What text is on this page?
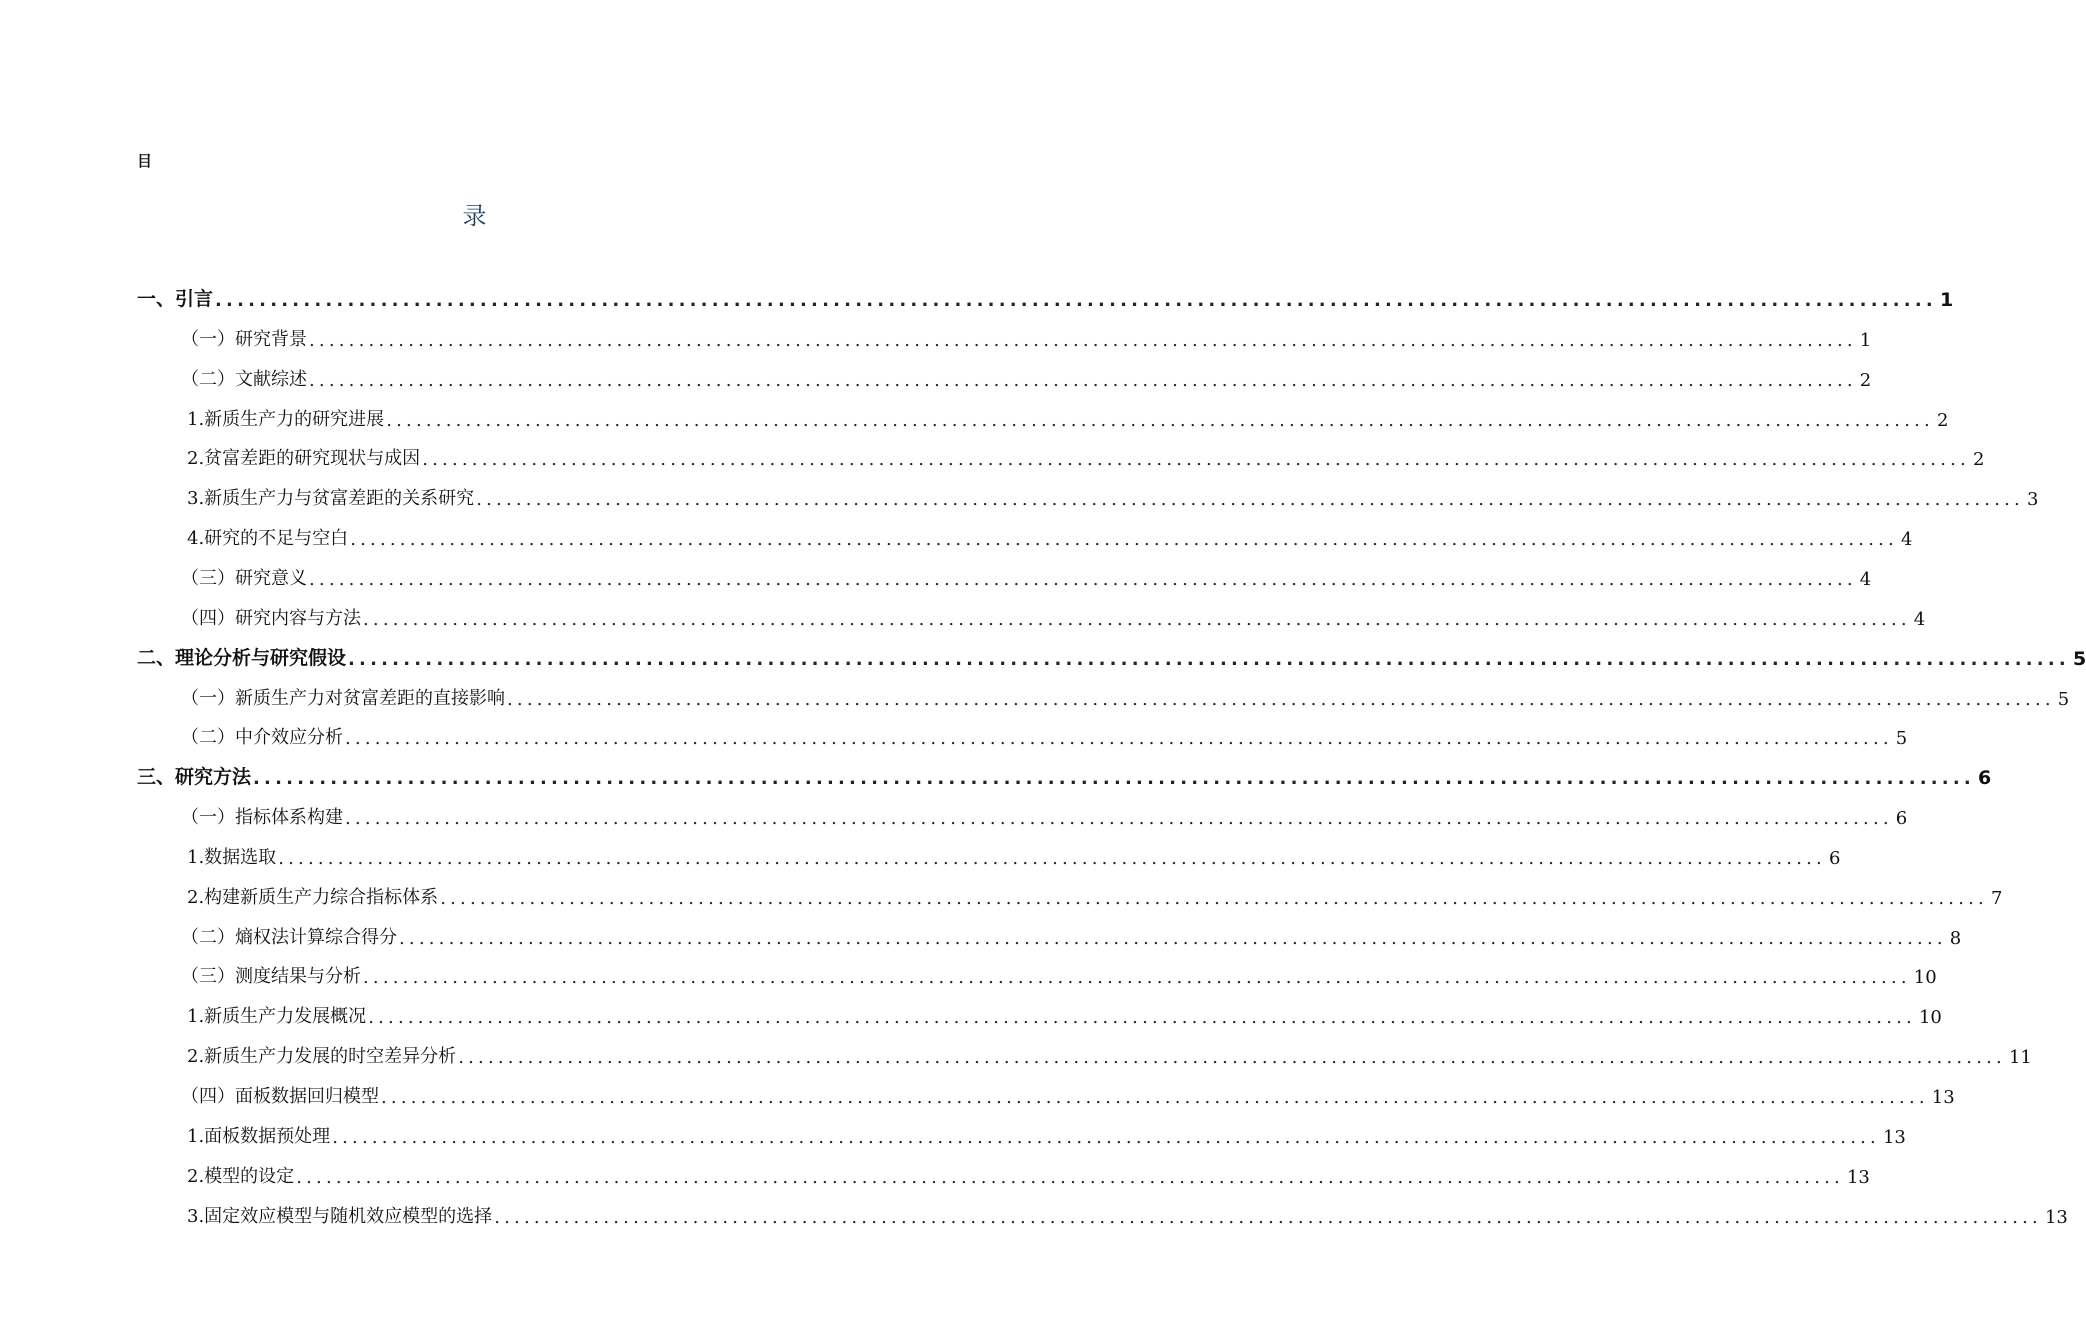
目
录
一、引言 ............................................................................................................................................................ 1
（一）研究背景 ............................................................................................................................................................ 1
（二）文献综述 ............................................................................................................................................................ 2
1.新质生产力的研究进展 ............................................................................................................................................................ 2
2.贫富差距的研究现状与成因 ............................................................................................................................................................ 2
3.新质生产力与贫富差距的关系研究 ............................................................................................................................................................ 3
4.研究的不足与空白 ............................................................................................................................................................ 4
（三）研究意义 ............................................................................................................................................................ 4
（四）研究内容与方法 ............................................................................................................................................................ 4
二、理论分析与研究假设 ............................................................................................................................................................ 5
（一）新质生产力对贫富差距的直接影响 ............................................................................................................................................................ 5
（二）中介效应分析 ............................................................................................................................................................ 5
三、研究方法 ............................................................................................................................................................ 6
（一）指标体系构建 ............................................................................................................................................................ 6
1.数据选取 ............................................................................................................................................................ 6
2.构建新质生产力综合指标体系 ............................................................................................................................................................ 7
（二）熵权法计算综合得分 ............................................................................................................................................................ 8
（三）测度结果与分析 ............................................................................................................................................................ 10
1.新质生产力发展概况 ............................................................................................................................................................ 10
2.新质生产力发展的时空差异分析 ............................................................................................................................................................ 11
（四）面板数据回归模型 ............................................................................................................................................................ 13
1.面板数据预处理 ............................................................................................................................................................ 13
2.模型的设定 ............................................................................................................................................................ 13
3.固定效应模型与随机效应模型的选择 ............................................................................................................................................................ 13
